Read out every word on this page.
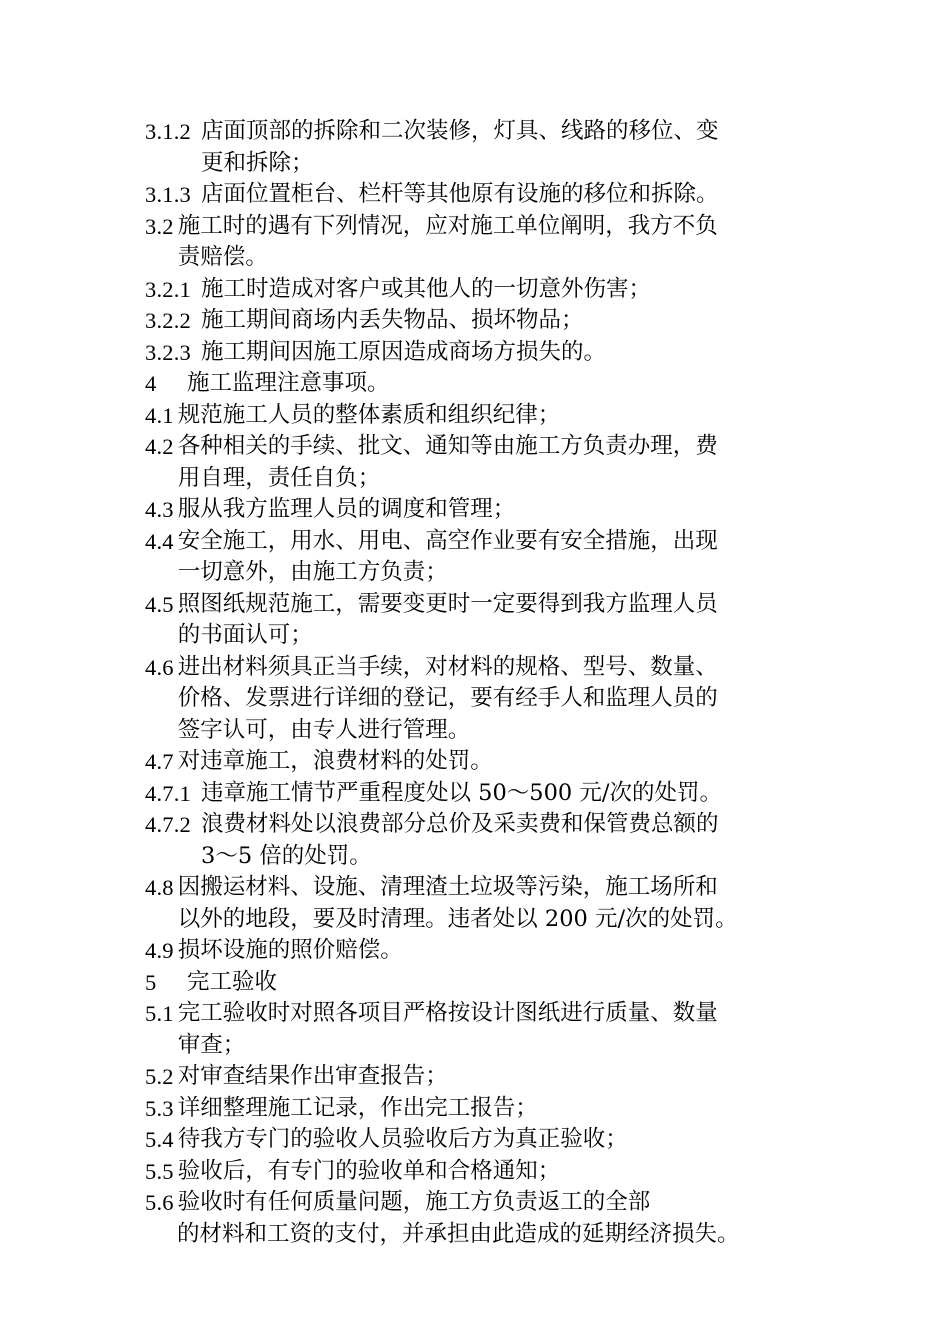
3.1.2 店面顶部的拆除和二次装修，灯具、线路的移位、变
更和拆除；
3.1.3 店面位置柜台、栏杆等其他原有设施的移位和拆除。
3.2 施工时的遇有下列情况，应对施工单位阐明，我方不负
责赔偿。
3.2.1 施工时造成对客户或其他人的一切意外伤害；
3.2.2 施工期间商场内丢失物品、损坏物品；
3.2.3 施工期间因施工原因造成商场方损失的。
4	施工监理注意事项。
4.1 规范施工人员的整体素质和组织纪律；
4.2 各种相关的手续、批文、通知等由施工方负责办理，费
用自理，责任自负；
4.3 服从我方监理人员的调度和管理；
4.4 安全施工，用水、用电、高空作业要有安全措施，出现
一切意外，由施工方负责；
4.5 照图纸规范施工，需要变更时一定要得到我方监理人员
的书面认可；
4.6 进出材料须具正当手续，对材料的规格、型号、数量、
价格、发票进行详细的登记，要有经手人和监理人员的
签字认可，由专人进行管理。
4.7 对违章施工，浪费材料的处罚。
4.7.1 违章施工情节严重程度处以 50～500 元/次的处罚。
4.7.2 浪费材料处以浪费部分总价及采卖费和保管费总额的
3～5 倍的处罚。
4.8 因搬运材料、设施、清理渣土垃圾等污染，施工场所和
以外的地段，要及时清理。违者处以 200 元/次的处罚。
4.9 损坏设施的照价赔偿。
5	完工验收
5.1 完工验收时对照各项目严格按设计图纸进行质量、数量
审查；
5.2 对审查结果作出审查报告；
5.3 详细整理施工记录，作出完工报告；
5.4 待我方专门的验收人员验收后方为真正验收；
5.5 验收后，有专门的验收单和合格通知；
5.6 验收时有任何质量问题，施工方负责返工的全部
的材料和工资的支付，并承担由此造成的延期经济损失。
